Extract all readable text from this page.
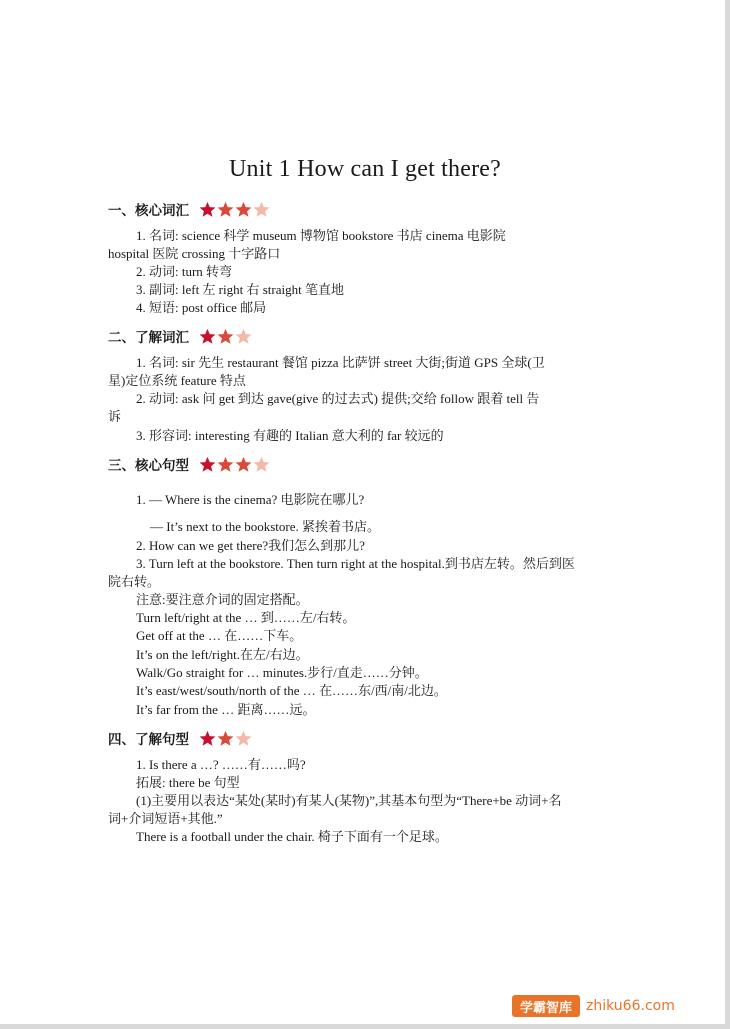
Unit 1 How can I get there?
一、核心词汇
1. 名词: science 科学 museum 博物馆 bookstore 书店 cinema 电影院
hospital 医院 crossing 十字路口
2. 动词: turn 转弯
3. 副词: left 左 right 右 straight 笔直地
4. 短语: post office 邮局
二、了解词汇
1. 名词: sir 先生 restaurant 餐馆 pizza 比萨饼 street 大街;街道 GPS 全球(卫
星)定位系统 feature 特点
2. 动词: ask 问 get 到达 gave(give 的过去式) 提供;交给 follow 跟着 tell 告
诉
3. 形容词: interesting 有趣的 Italian 意大利的 far 较远的
三、核心句型
1. — Where is the cinema? 电影院在哪儿?
— It’s next to the bookstore. 紧挨着书店。
2. How can we get there?我们怎么到那儿?
3. Turn left at the bookstore. Then turn right at the hospital.到书店左转。然后到医
院右转。
注意:要注意介词的固定搭配。
Turn left/right at the … 到……左/右转。
Get off at the … 在……下车。
It’s on the left/right.在左/右边。
Walk/Go straight for … minutes.步行/直走……分钟。
It’s east/west/south/north of the … 在……东/西/南/北边。
It’s far from the … 距离……远。
四、了解句型
1. Is there a …? ……有……吗?
拓展: there be 句型
(1)主要用以表达“某处(某时)有某人(某物)”,其基本句型为“There+be 动词+名
词+介词短语+其他.”
There is a football under the chair. 椅子下面有一个足球。
学霸智库	zhiku66.com
